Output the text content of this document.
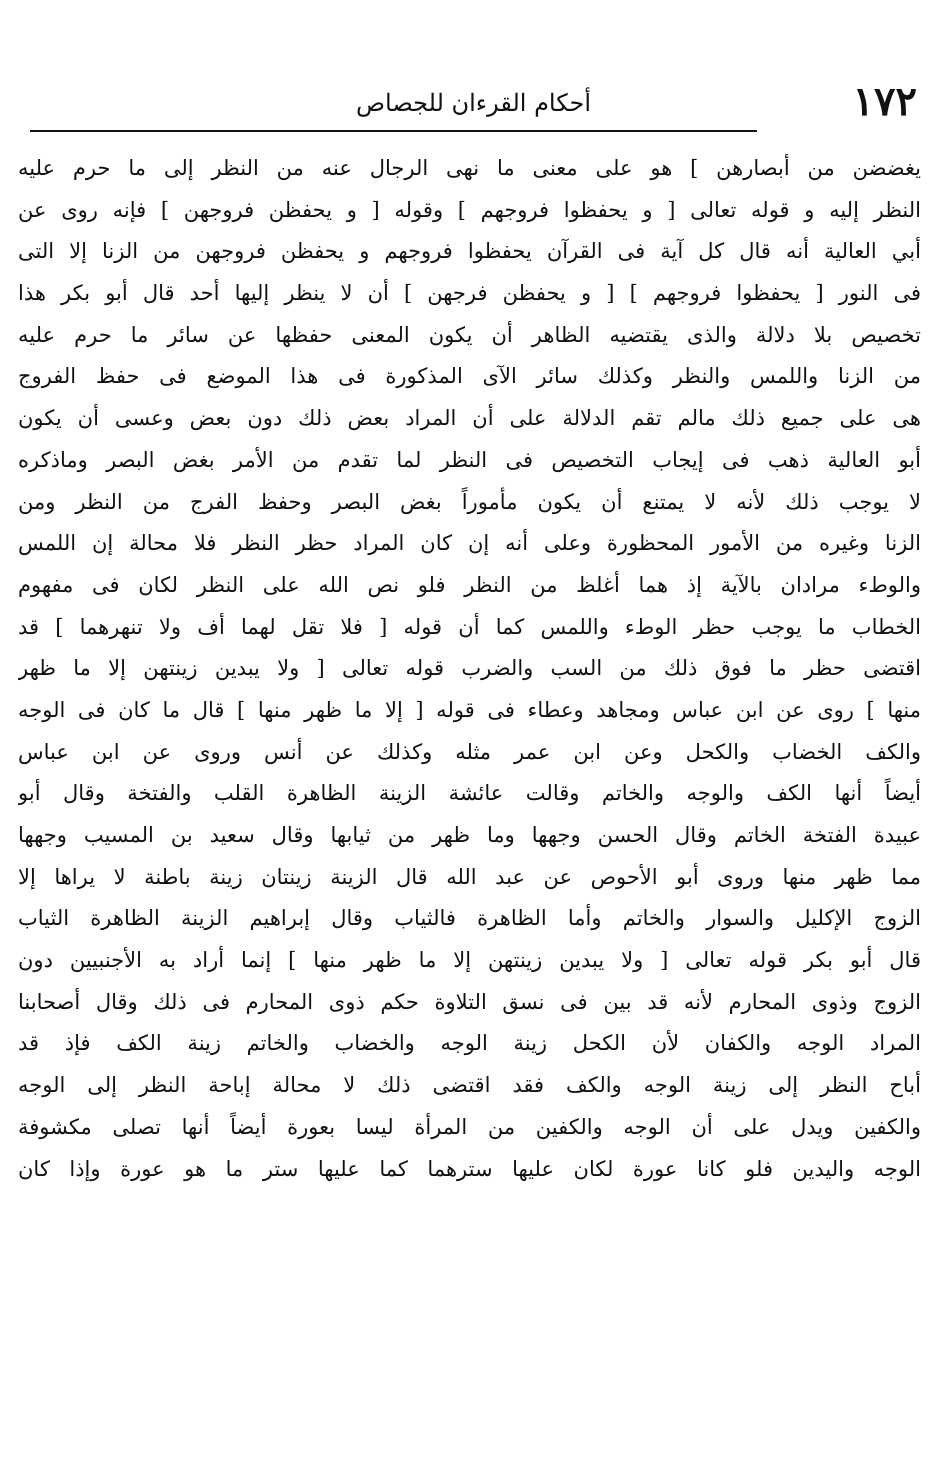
١٧٢
أحكام القرءان للجصاص
يغضضن من أبصارهن ] هو على معنى ما نهى الرجال عنه من النظر إلى ما حرم عليه
النظر إليه و قوله تعالى [ و يحفظوا فروجهم ] وقوله [ و يحفظن فروجهن ] فإنه روى عن
أبي العالية أنه قال كل آية فى القرآن يحفظوا فروجهم و يحفظن فروجهن من الزنا إلا التى
فى النور [ يحفظوا فروجهم ] [ و يحفظن فرجهن ] أن لا ينظر إليها أحد قال أبو بكر هذا
تخصيص بلا دلالة والذى يقتضيه الظاهر أن يكون المعنى حفظها عن سائر ما حرم عليه
من الزنا واللمس والنظر وكذلك سائر الآى المذكورة فى هذا الموضع فى حفظ الفروج
هى على جميع ذلك مالم تقم الدلالة على أن المراد بعض ذلك دون بعض وعسى أن يكون
أبو العالية ذهب فى إيجاب التخصيص فى النظر لما تقدم من الأمر بغض البصر وماذكره
لا يوجب ذلك لأنه لا يمتنع أن يكون مأموراً بغض البصر وحفظ الفرج من النظر ومن
الزنا وغيره من الأمور المحظورة وعلى أنه إن كان المراد حظر النظر فلا محالة إن اللمس
والوطء مرادان بالآية إذ هما أغلظ من النظر فلو نص الله على النظر لكان فى مفهوم
الخطاب ما يوجب حظر الوطء واللمس كما أن قوله [ فلا تقل لهما أف ولا تنهرهما ] قد
اقتضى حظر ما فوق ذلك من السب والضرب قوله تعالى [ ولا يبدين زينتهن إلا ما ظهر
منها ] روى عن ابن عباس ومجاهد وعطاء فى قوله [ إلا ما ظهر منها ] قال ما كان فى الوجه
والكف الخضاب والكحل وعن ابن عمر مثله وكذلك عن أنس وروى عن ابن عباس
أيضاً أنها الكف والوجه والخاتم وقالت عائشة الزينة الظاهرة القلب والفتخة وقال أبو
عبيدة الفتخة الخاتم وقال الحسن وجهها وما ظهر من ثيابها وقال سعيد بن المسيب وجهها
مما ظهر منها وروى أبو الأحوص عن عبد الله قال الزينة زينتان زينة باطنة لا يراها إلا
الزوج الإكليل والسوار والخاتم وأما الظاهرة فالثياب وقال إبراهيم الزينة الظاهرة الثياب
قال أبو بكر قوله تعالى [ ولا يبدين زينتهن إلا ما ظهر منها ] إنما أراد به الأجنبيين دون
الزوج وذوى المحارم لأنه قد بين فى نسق التلاوة حكم ذوى المحارم فى ذلك وقال أصحابنا
المراد الوجه والكفان لأن الكحل زينة الوجه والخضاب والخاتم زينة الكف فإذ قد
أباح النظر إلى زينة الوجه والكف فقد اقتضى ذلك لا محالة إباحة النظر إلى الوجه
والكفين ويدل على أن الوجه والكفين من المرأة ليسا بعورة أيضاً أنها تصلى مكشوفة
الوجه واليدين فلو كانا عورة لكان عليها سترهما كما عليها ستر ما هو عورة وإذا كان
